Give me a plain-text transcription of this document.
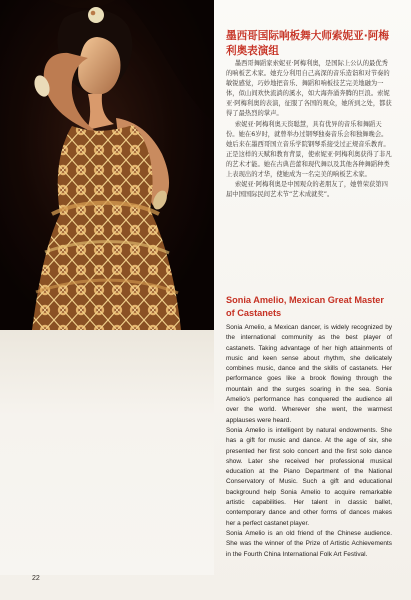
墨西哥国际响板舞大师索妮亚·阿梅利奥表演组

墨西哥舞蹈家索妮亚·阿梅利奥，是国际上公认的最优秀的响板艺术家。她充分利用自己高深的音乐造诣和对节奏的敏锐感觉，巧妙地把音乐、舞蹈和响板技艺完美地融为一体，似山间欢快流淌的溪水，如大海奔涌奔腾的巨浪。索妮亚·阿梅利奥的表演，征服了各国的观众，她所到之处，都获得了最热烈的掌声。

索妮亚·阿梅利奥天资聪慧，具有优异的音乐和舞蹈天份。她在6岁时，就曾举办过钢琴独奏音乐会和独舞晚会。她后来在墨西哥国立音乐学院钢琴系接受过正规音乐教育。正是这样的天赋和教育背景，使索妮亚·阿梅利奥获得了非凡的艺术才能。她在古典芭蕾和现代舞以及其他各种舞蹈种类上表现出的才华，使她成为一名完美的响板艺术家。

索妮亚·阿梅利奥是中国观众的老朋友了，她曾荣获第四届中国国际民间艺术节“艺术成就奖”。

Sonia Amelio, Mexican Great Master of Castanets

Sonia Amelio, a Mexican dancer, is widely recognized by the international community as the best player of castanets. Taking advantage of her high attainments of music and keen sense about rhythm, she delicately combines music, dance and the skills of castanets. Her performance goes like a brook flowing through the mountain and the surges soaring in the sea. Sonia Amelio's performance has conquered the audience all over the world. Wherever she went, the warmest applauses were heard.

Sonia Amelio is intelligent by natural endowments. She has a gift for music and dance. At the age of six, she presented her first solo concert and the first solo dance show. Later she received her professional musical education at the Piano Department of the National Conservatory of Music. Such a gift and educational background help Sonia Amelio to acquire remarkable artistic capabilities. Her talent in classic ballet, contemporary dance and other forms of dances makes her a perfect castanet player.

Sonia Amelio is an old friend of the Chinese audience. She was the winner of the Prize of Artistic Achievements in the Fourth China International Folk Art Festival.

22
